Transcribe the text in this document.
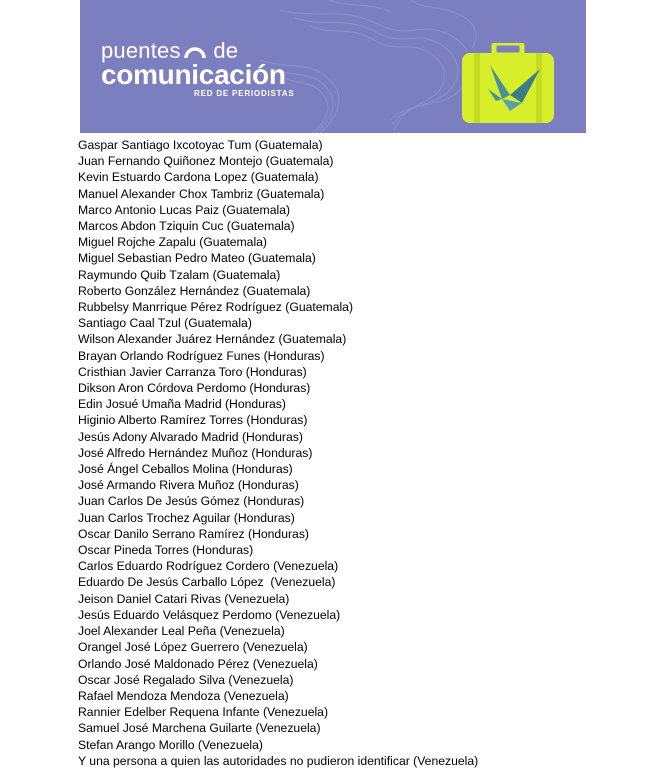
puentes de
comunicación
RED DE PERIODISTAS
Gaspar Santiago Ixcotoyac Tum (Guatemala)
Juan Fernando Quiñonez Montejo (Guatemala)
Kevin Estuardo Cardona Lopez (Guatemala)
Manuel Alexander Chox Tambriz (Guatemala)
Marco Antonio Lucas Paiz (Guatemala)
Marcos Abdon Tziquin Cuc (Guatemala)
Miguel Rojche Zapalu (Guatemala)
Miguel Sebastian Pedro Mateo (Guatemala)
Raymundo Quib Tzalam (Guatemala)
Roberto González Hernández (Guatemala)
Rubbelsy Manrrique Pérez Rodríguez (Guatemala)
Santiago Caal Tzul (Guatemala)
Wilson Alexander Juárez Hernández (Guatemala)
Brayan Orlando Rodríguez Funes (Honduras)
Cristhian Javier Carranza Toro (Honduras)
Dikson Aron Córdova Perdomo (Honduras)
Edin Josué Umaña Madrid (Honduras)
Higinio Alberto Ramírez Torres (Honduras)
Jesús Adony Alvarado Madrid (Honduras)
José Alfredo Hernández Muñoz (Honduras)
José Ángel Ceballos Molina (Honduras)
José Armando Rivera Muñoz (Honduras)
Juan Carlos De Jesús Gómez (Honduras)
Juan Carlos Trochez Aguilar (Honduras)
Oscar Danilo Serrano Ramírez (Honduras)
Oscar Pineda Torres (Honduras)
Carlos Eduardo Rodríguez Cordero (Venezuela)
Eduardo De Jesús Carballo López  (Venezuela)
Jeison Daniel Catari Rivas (Venezuela)
Jesús Eduardo Velásquez Perdomo (Venezuela)
Joel Alexander Leal Peña (Venezuela)
Orangel José López Guerrero (Venezuela)
Orlando José Maldonado Pérez (Venezuela)
Oscar José Regalado Silva (Venezuela)
Rafael Mendoza Mendoza (Venezuela)
Rannier Edelber Requena Infante (Venezuela)
Samuel José Marchena Guilarte (Venezuela)
Stefan Arango Morillo (Venezuela)
Y una persona a quien las autoridades no pudieron identificar (Venezuela)
